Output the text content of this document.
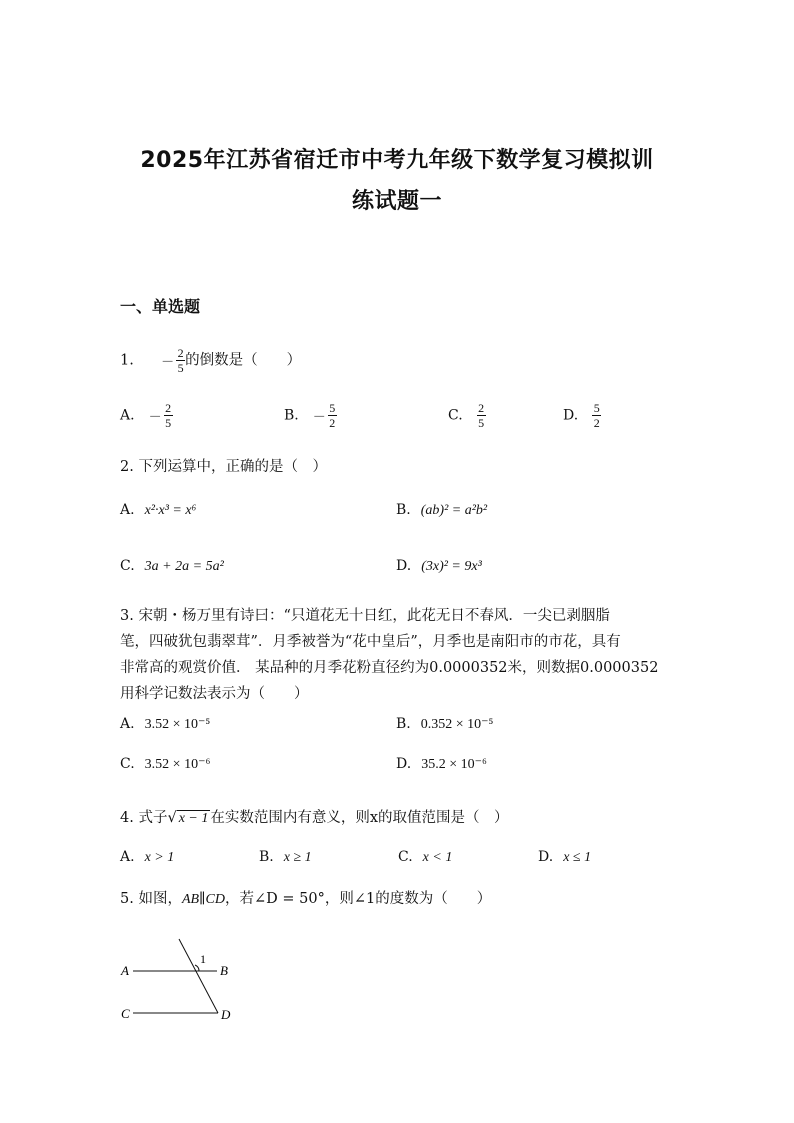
2025年江苏省宿迁市中考九年级下数学复习模拟训
练试题一
一、单选题
1. － $\frac{2}{5}$ 的倒数是（　　）
A. － $\frac{2}{5}$	B. － $\frac{5}{2}$	C. $\frac{2}{5}$	D. $\frac{5}{2}$
2. 下列运算中，正确的是（　）
A. x²·x³ = x⁶	B. (ab)² = a²b²
C. 3a + 2a = 5a²	D. (3x)² = 9x³
3. 宋朝・杨万里有诗曰：“只道花无十日红，此花无日不春风．一尖已剥胭脂
笔，四破犹包翡翠茸”．月季被誉为“花中皇后”，月季也是南阳市的市花，具有
非常高的观赏价值． 某品种的月季花粉直径约为0.0000352米，则数据0.0000352
用科学记数法表示为（　　）
A. 3.52 × 10⁻⁵	B. 0.352 × 10⁻⁵
C. 3.52 × 10⁻⁶	D. 35.2 × 10⁻⁶
4. 式子√ x − 1 在实数范围内有意义，则x的取值范围是（　）
A. x > 1	B. x ≥ 1	C. x < 1	D. x ≤ 1
5. 如图，AB∥CD，若∠D = 50°，则∠1的度数为（　　）
1
A	B
C	D
